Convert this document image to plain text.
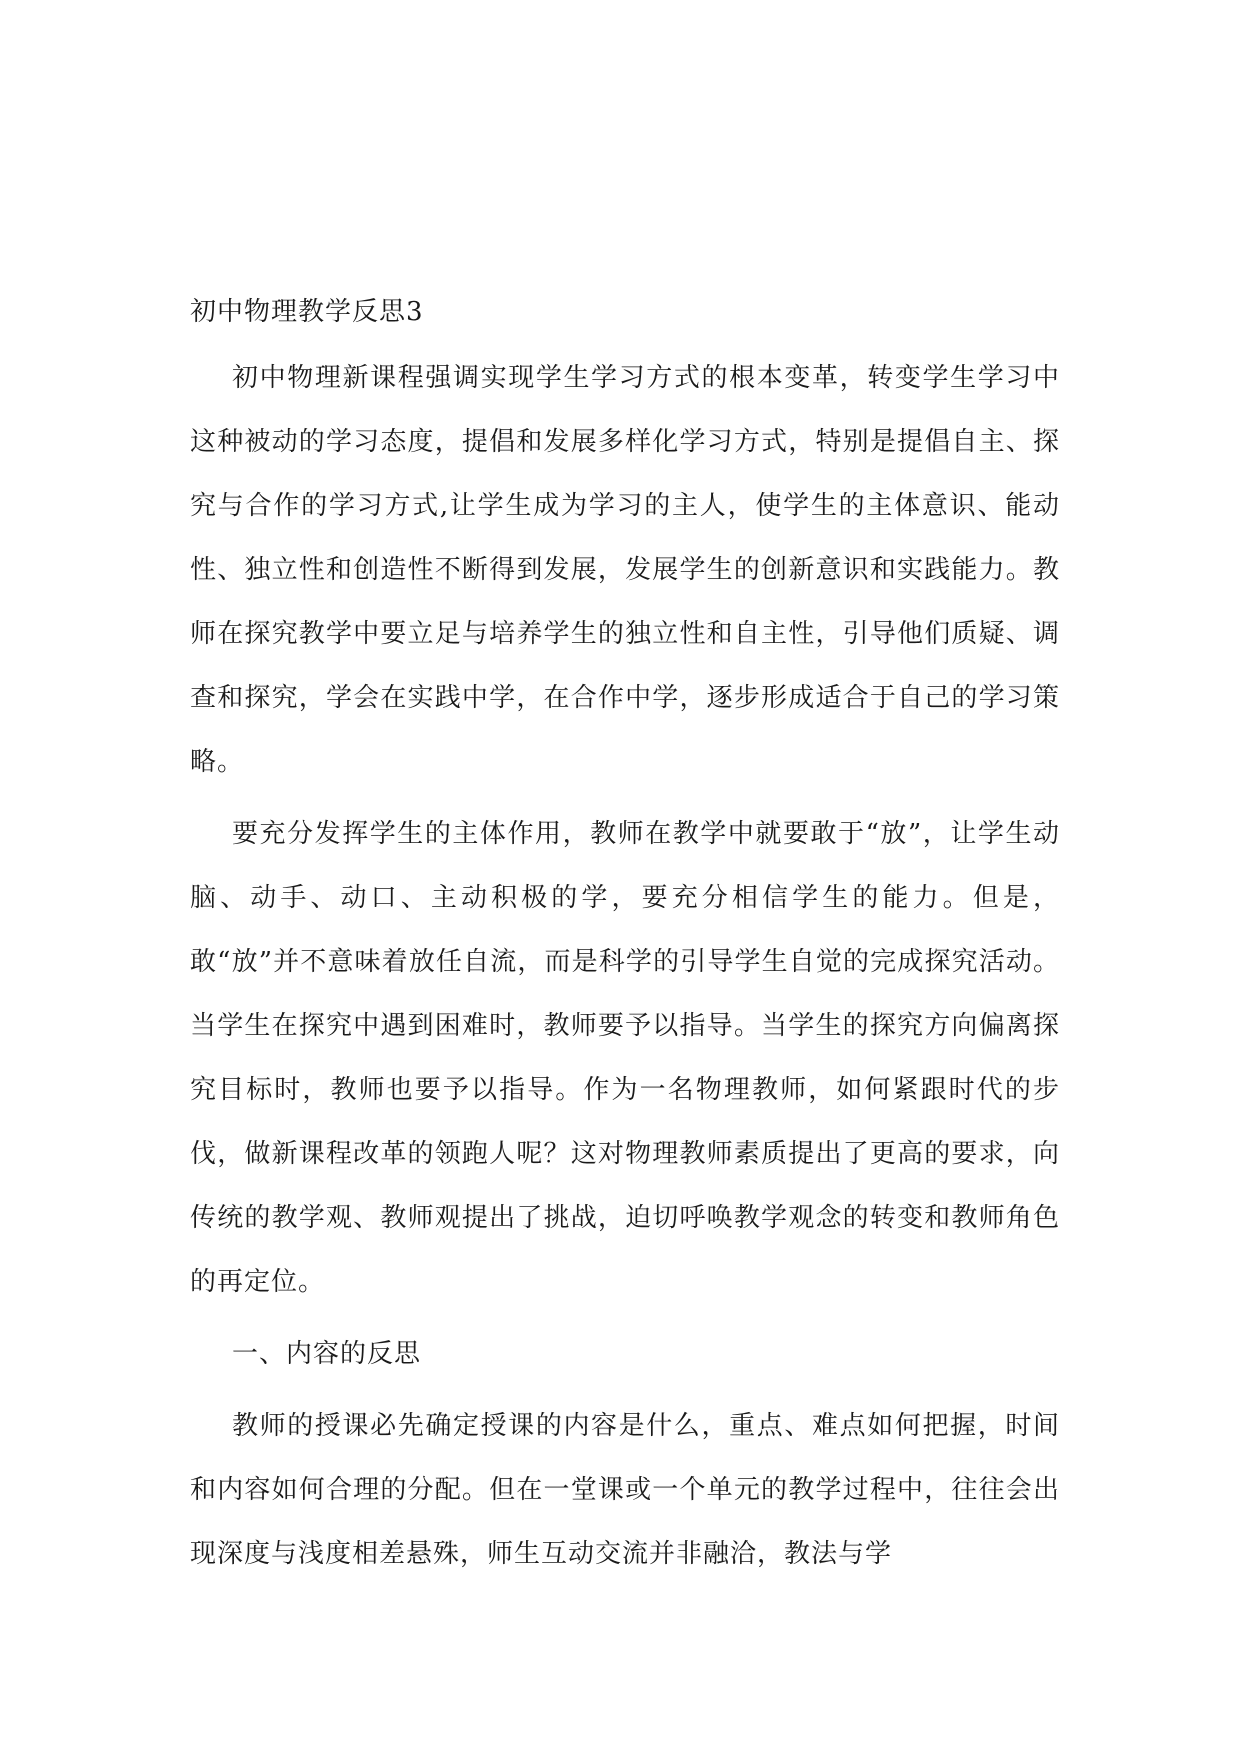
初中物理教学反思3

初中物理新课程强调实现学生学习方式的根本变革，转变学生学习中这种被动的学习态度，提倡和发展多样化学习方式，特别是提倡自主、探究与合作的学习方式,让学生成为学习的主人，使学生的主体意识、能动性、独立性和创造性不断得到发展，发展学生的创新意识和实践能力。教师在探究教学中要立足与培养学生的独立性和自主性，引导他们质疑、调查和探究，学会在实践中学，在合作中学，逐步形成适合于自己的学习策略。

要充分发挥学生的主体作用，教师在教学中就要敢于“放”，让学生动脑、动手、动口、主动积极的学，要充分相信学生的能力。但是，敢“放”并不意味着放任自流，而是科学的引导学生自觉的完成探究活动。当学生在探究中遇到困难时，教师要予以指导。当学生的探究方向偏离探究目标时，教师也要予以指导。作为一名物理教师，如何紧跟时代的步伐，做新课程改革的领跑人呢？这对物理教师素质提出了更高的要求，向传统的教学观、教师观提出了挑战，迫切呼唤教学观念的转变和教师角色的再定位。

一、内容的反思

教师的授课必先确定授课的内容是什么，重点、难点如何把握，时间和内容如何合理的分配。但在一堂课或一个单元的教学过程中，往往会出现深度与浅度相差悬殊，师生互动交流并非融洽，教法与学
